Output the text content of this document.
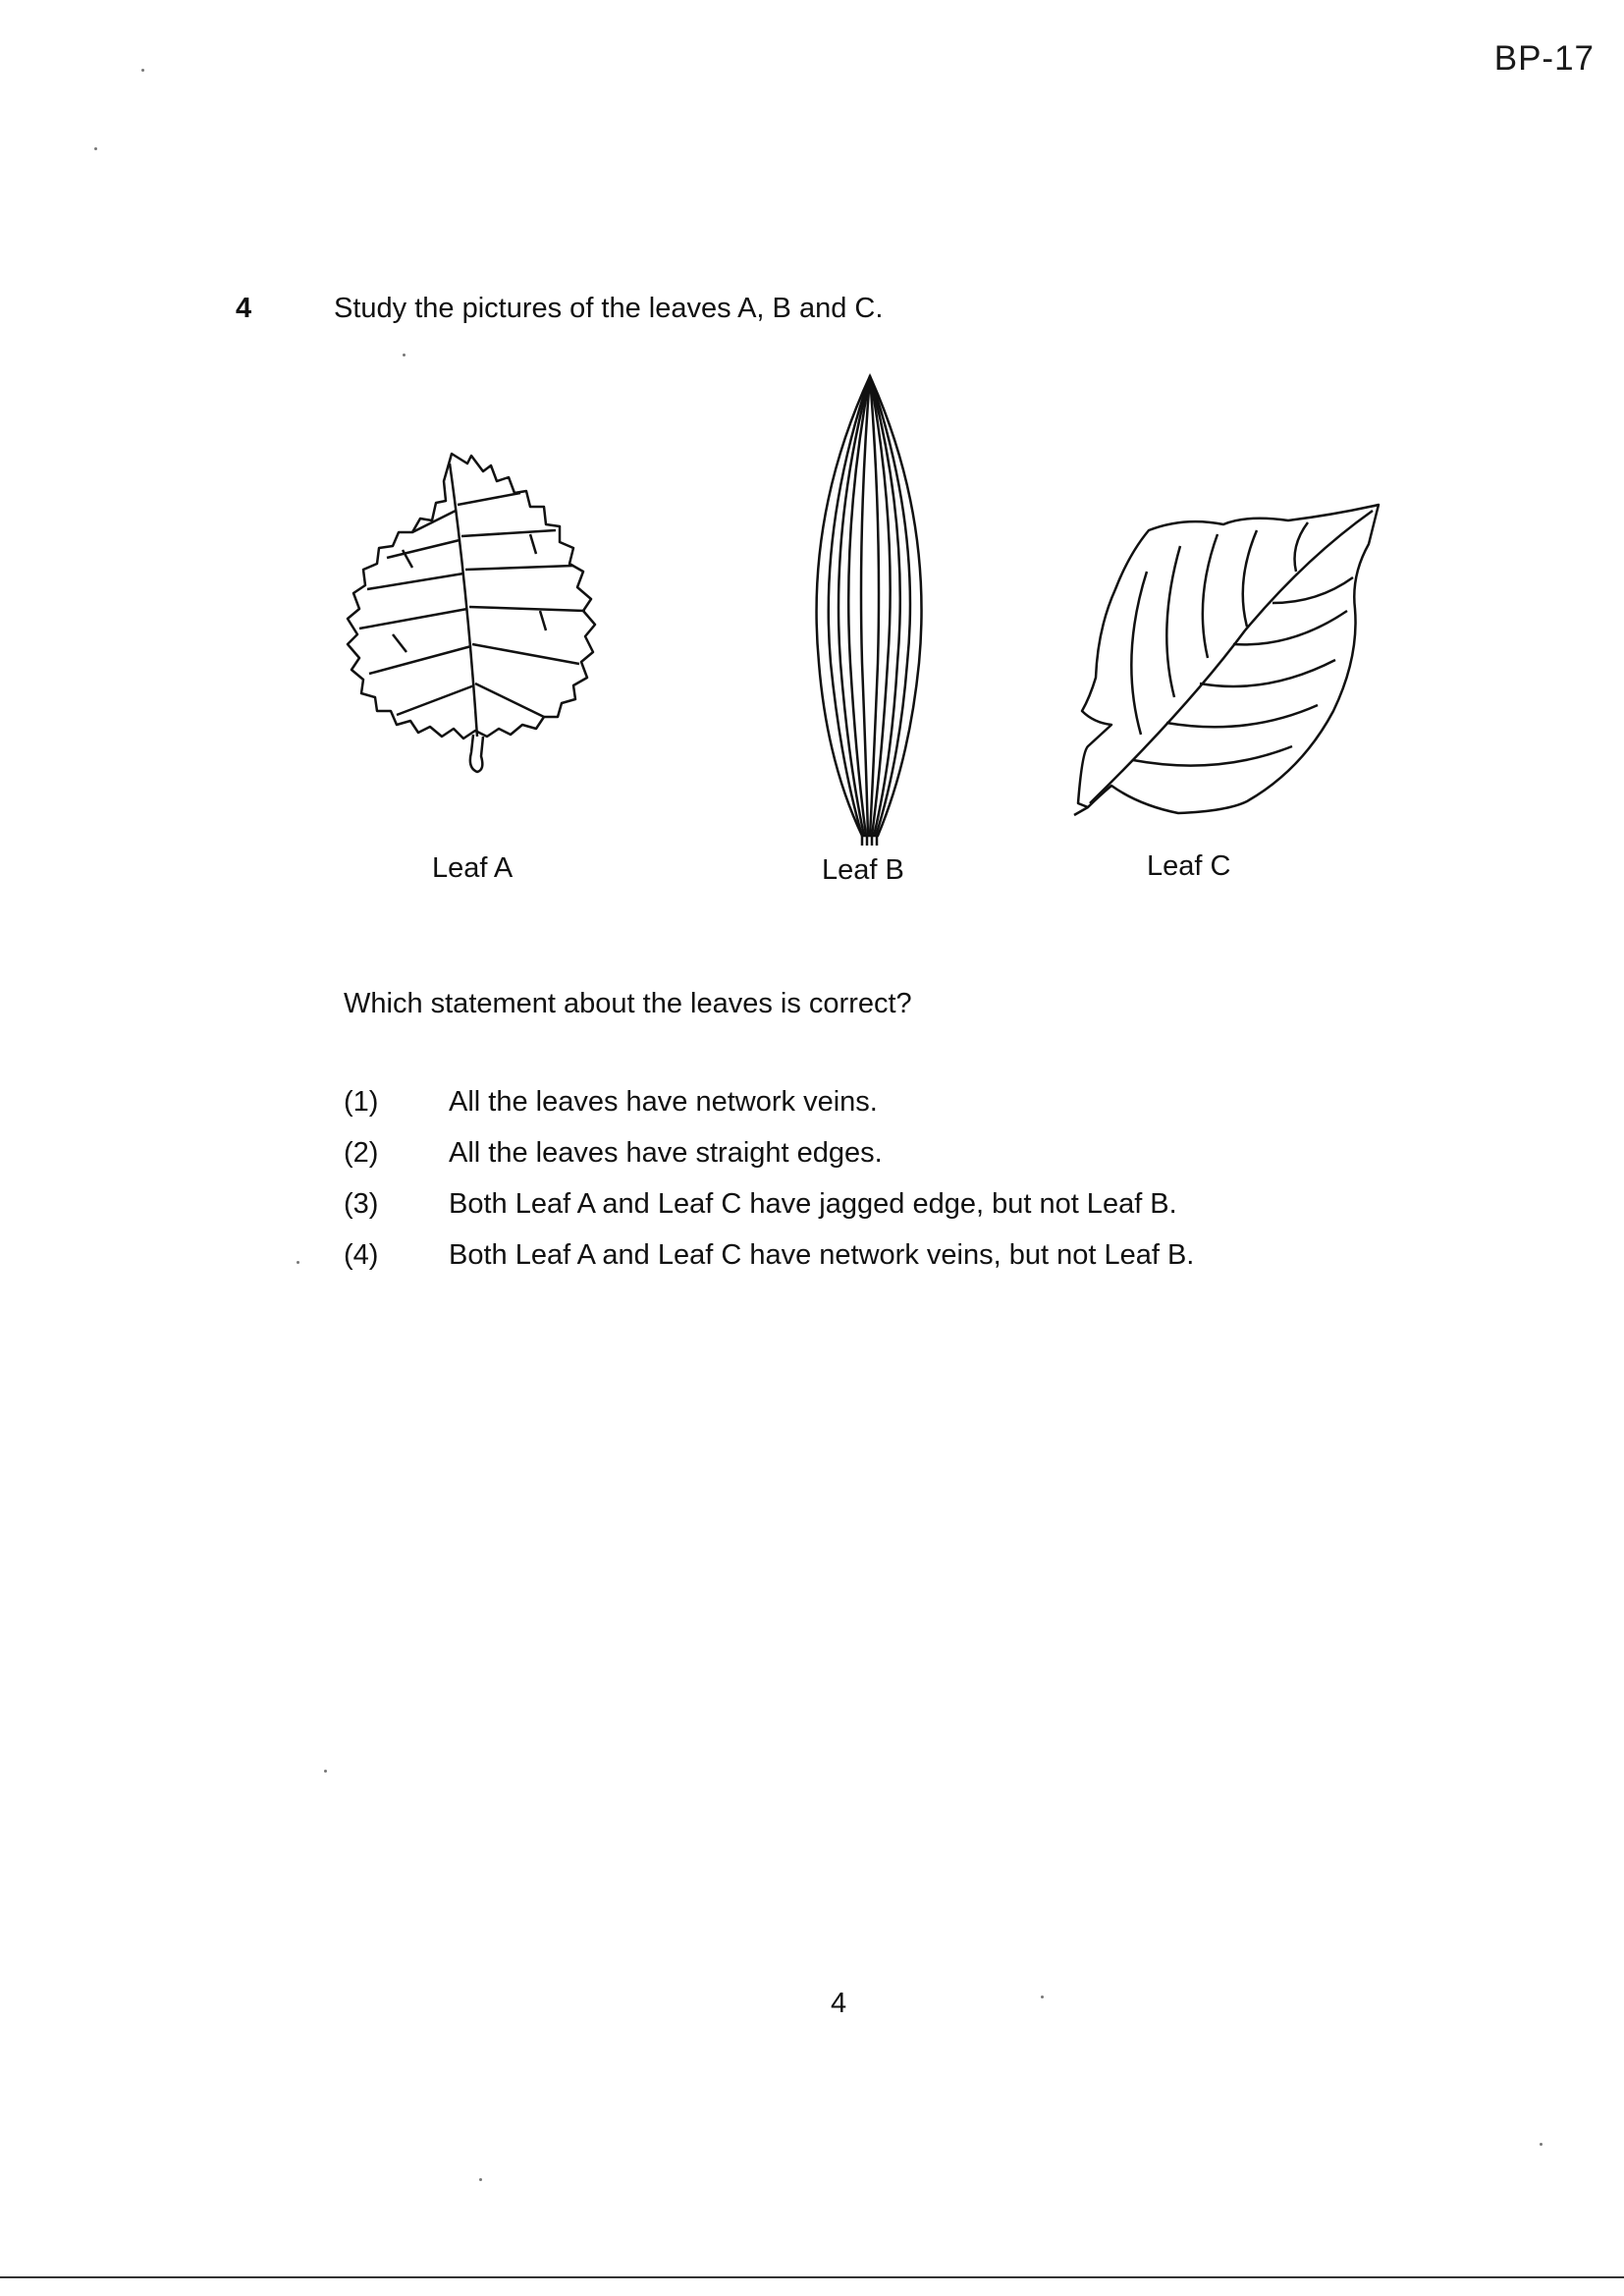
BP-17
4	Study the pictures of the leaves A, B and C.
Leaf A	Leaf B	Leaf C
Which statement about the leaves is correct?
(1)	All the leaves have network veins.
(2)	All the leaves have straight edges.
(3)	Both Leaf A and Leaf C have jagged edge, but not Leaf B.
(4)	Both Leaf A and Leaf C have network veins, but not Leaf B.
4
